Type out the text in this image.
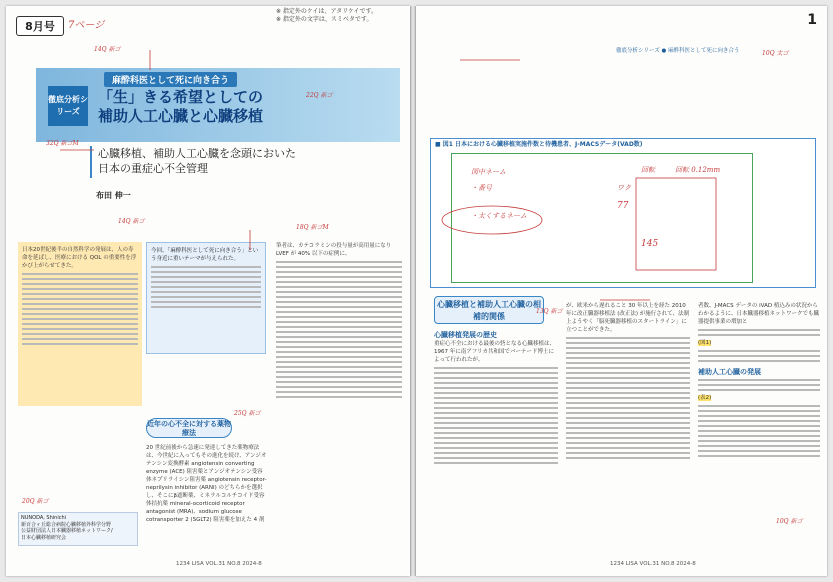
8月号	7ページ
徹底分析シリーズ
麻酔科医として死に向き合う
「生」きる希望としての
補助人工心臓と心臓移植
心臓移植、補助人工心臓を念頭においた
日本の重症心不全管理
布田 伸一
日本20世紀後半の自然科学の発展は、人の寿命を延ばし、医療における QOL の重要性を浮かび上がらせてきた。
今回、「麻酔科医として死に向き合う」という身近に重いテーマが与えられた。
近年の心不全に対する薬物療法
20 世紀前後から急速に発達してきた薬物療法は、今世紀に入ってもその進化を続け、アンジオテンシン変換酵素 angiotensin converting enzyme (ACE) 阻害薬とアンジオテンシン受容体ネプリライシン阻害薬 angiotensin receptor-neprilysin inhibitor (ARNI) のどちらかを選択し、そこにβ遮断薬、ミネラルコルチコイド受容体拮抗薬 mineral-ocorticoid receptor antagonist (MRA)、sodium glucose cotransporter 2 (SGLT2) 阻害薬を加えた 4 剤
筆者は、カテコラミンの投与量が高用量になり LVEF が 40% 以下の症例に、
NUNODA, Shinichi
新百合ヶ丘総合病院心臓移植外科学分野
公益財団法人日本臓器移植ネットワーク/
日本心臓移植研究会
1234 LISA VOL.31 NO.8 2024-8
14Q 新ゴ
22Q 新ゴ
32Q 新ゴM
14Q 新ゴ
18Q 新ゴM
25Q 新ゴ
20Q 新ゴ
※ 指定外のケイは、アタリケイです。
※ 指定外の文字は、スミベタです。	1
徹底分析シリーズ ● 麻酔科医として死に向き合う
■ 図1 日本における心臓移植実施件数と待機患者、J-MACSデータ(VAD数)
図中ネーム
・番号
・太くするネーム
回転	回転 0.12mm
77
145
ワク
心臓移植と補助人工心臓の相補的関係
心臓移植発展の歴史
重症心不全における最後の砦となる心臓移植は、1967 年に南アフリカ共和国でバーナード博士によって行われたが、
が、欧米から遅れること 30 年以上を経た 2010 年に改正臓器移植法 (改正法) が施行されて、法制上ようやく「脳死臓器移植のスタートライン」に立つことができた。
者数、J-MACS データの iVAD 植込みの状況からわかるように、日本臓器移植ネットワークでも臓器提供事業の増加と
(図1)
補助人工心臓の発展
(表2)
1234 LISA VOL.31 NO.8 2024-8
10Q 太ゴ
13Q 新ゴ
10Q 新ゴ
